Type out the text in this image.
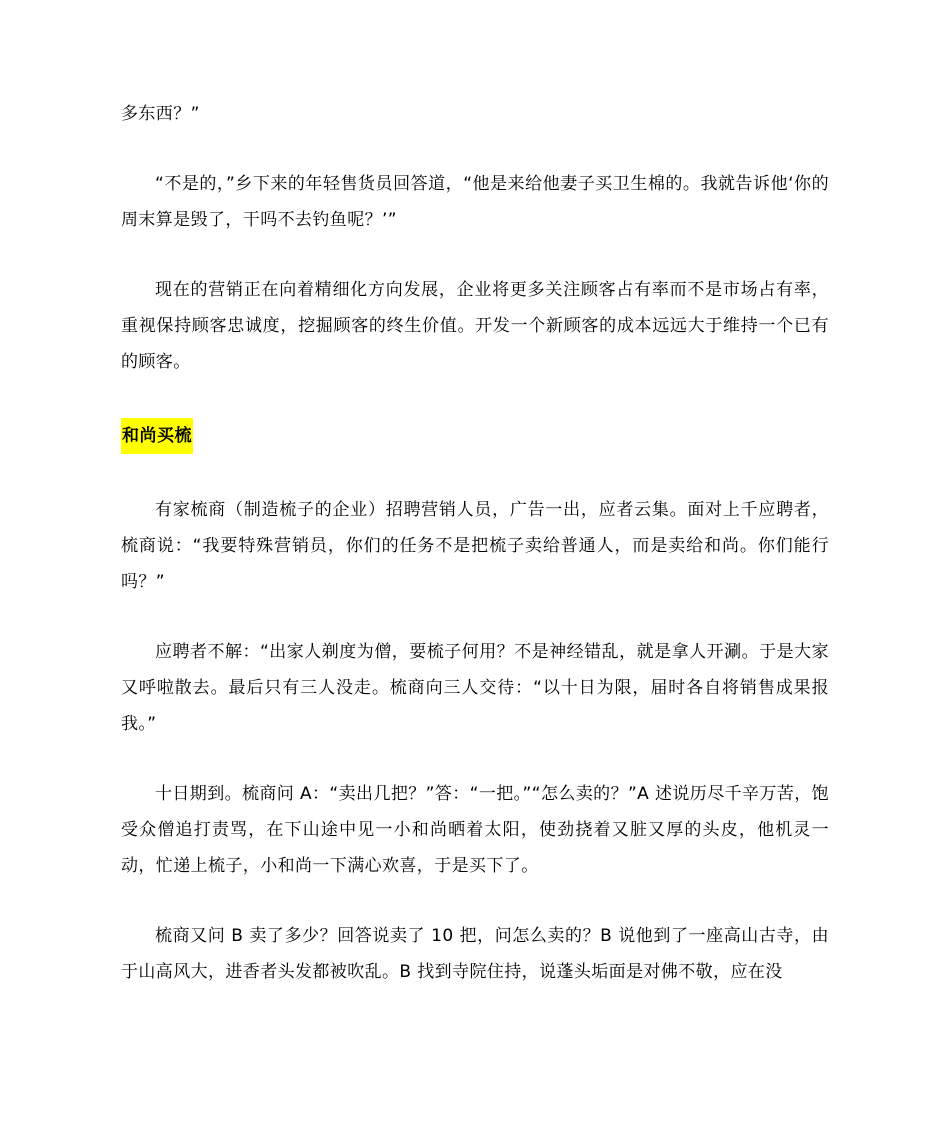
多东西？”

“不是的，”乡下来的年轻售货员回答道，“他是来给他妻子买卫生棉的。我就告诉他‘你的周末算是毁了，干吗不去钓鱼呢？’”

现在的营销正在向着精细化方向发展，企业将更多关注顾客占有率而不是市场占有率，重视保持顾客忠诚度，挖掘顾客的终生价值。开发一个新顾客的成本远远大于维持一个已有的顾客。

和尚买梳

有家梳商（制造梳子的企业）招聘营销人员，广告一出，应者云集。面对上千应聘者，梳商说：“我要特殊营销员，你们的任务不是把梳子卖给普通人，而是卖给和尚。你们能行吗？”

应聘者不解：“出家人剃度为僧，要梳子何用？不是神经错乱，就是拿人开涮。于是大家又呼啦散去。最后只有三人没走。梳商向三人交待：“以十日为限，届时各自将销售成果报我。”

十日期到。梳商问 A：“卖出几把？”答：“一把。”“怎么卖的？”A 述说历尽千辛万苦，饱受众僧追打责骂，在下山途中见一小和尚晒着太阳，使劲挠着又脏又厚的头皮，他机灵一动，忙递上梳子，小和尚一下满心欢喜，于是买下了。

梳商又问 B 卖了多少？回答说卖了 10 把，问怎么卖的？B 说他到了一座高山古寺，由于山高风大，进香者头发都被吹乱。B 找到寺院住持，说蓬头垢面是对佛不敬，应在没
